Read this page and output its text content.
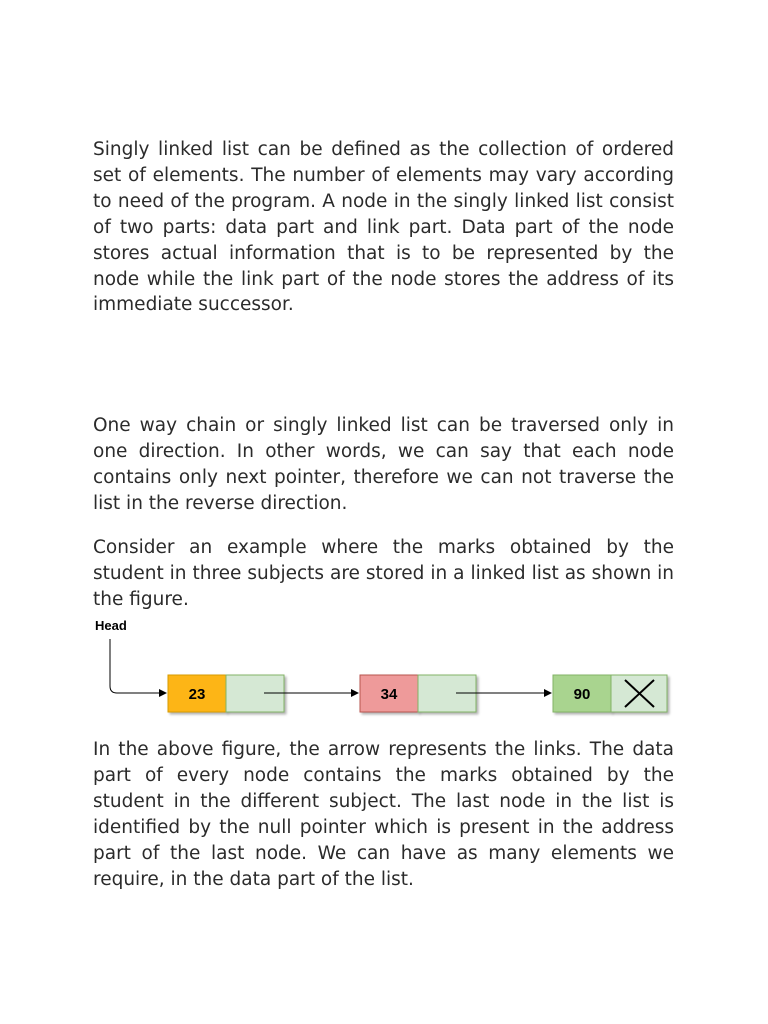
Singly linked list can be defined as the collection of ordered set of elements. The number of elements may vary according to need of the program. A node in the singly linked list consist of two parts: data part and link part. Data part of the node stores actual information that is to be represented by the node while the link part of the node stores the address of its immediate successor.

One way chain or singly linked list can be traversed only in one direction. In other words, we can say that each node contains only next pointer, therefore we can not traverse the list in the reverse direction.

Consider an example where the marks obtained by the student in three subjects are stored in a linked list as shown in the figure.

Head
23	34	90

In the above figure, the arrow represents the links. The data part of every node contains the marks obtained by the student in the different subject. The last node in the list is identified by the null pointer which is present in the address part of the last node. We can have as many elements we require, in the data part of the list.
